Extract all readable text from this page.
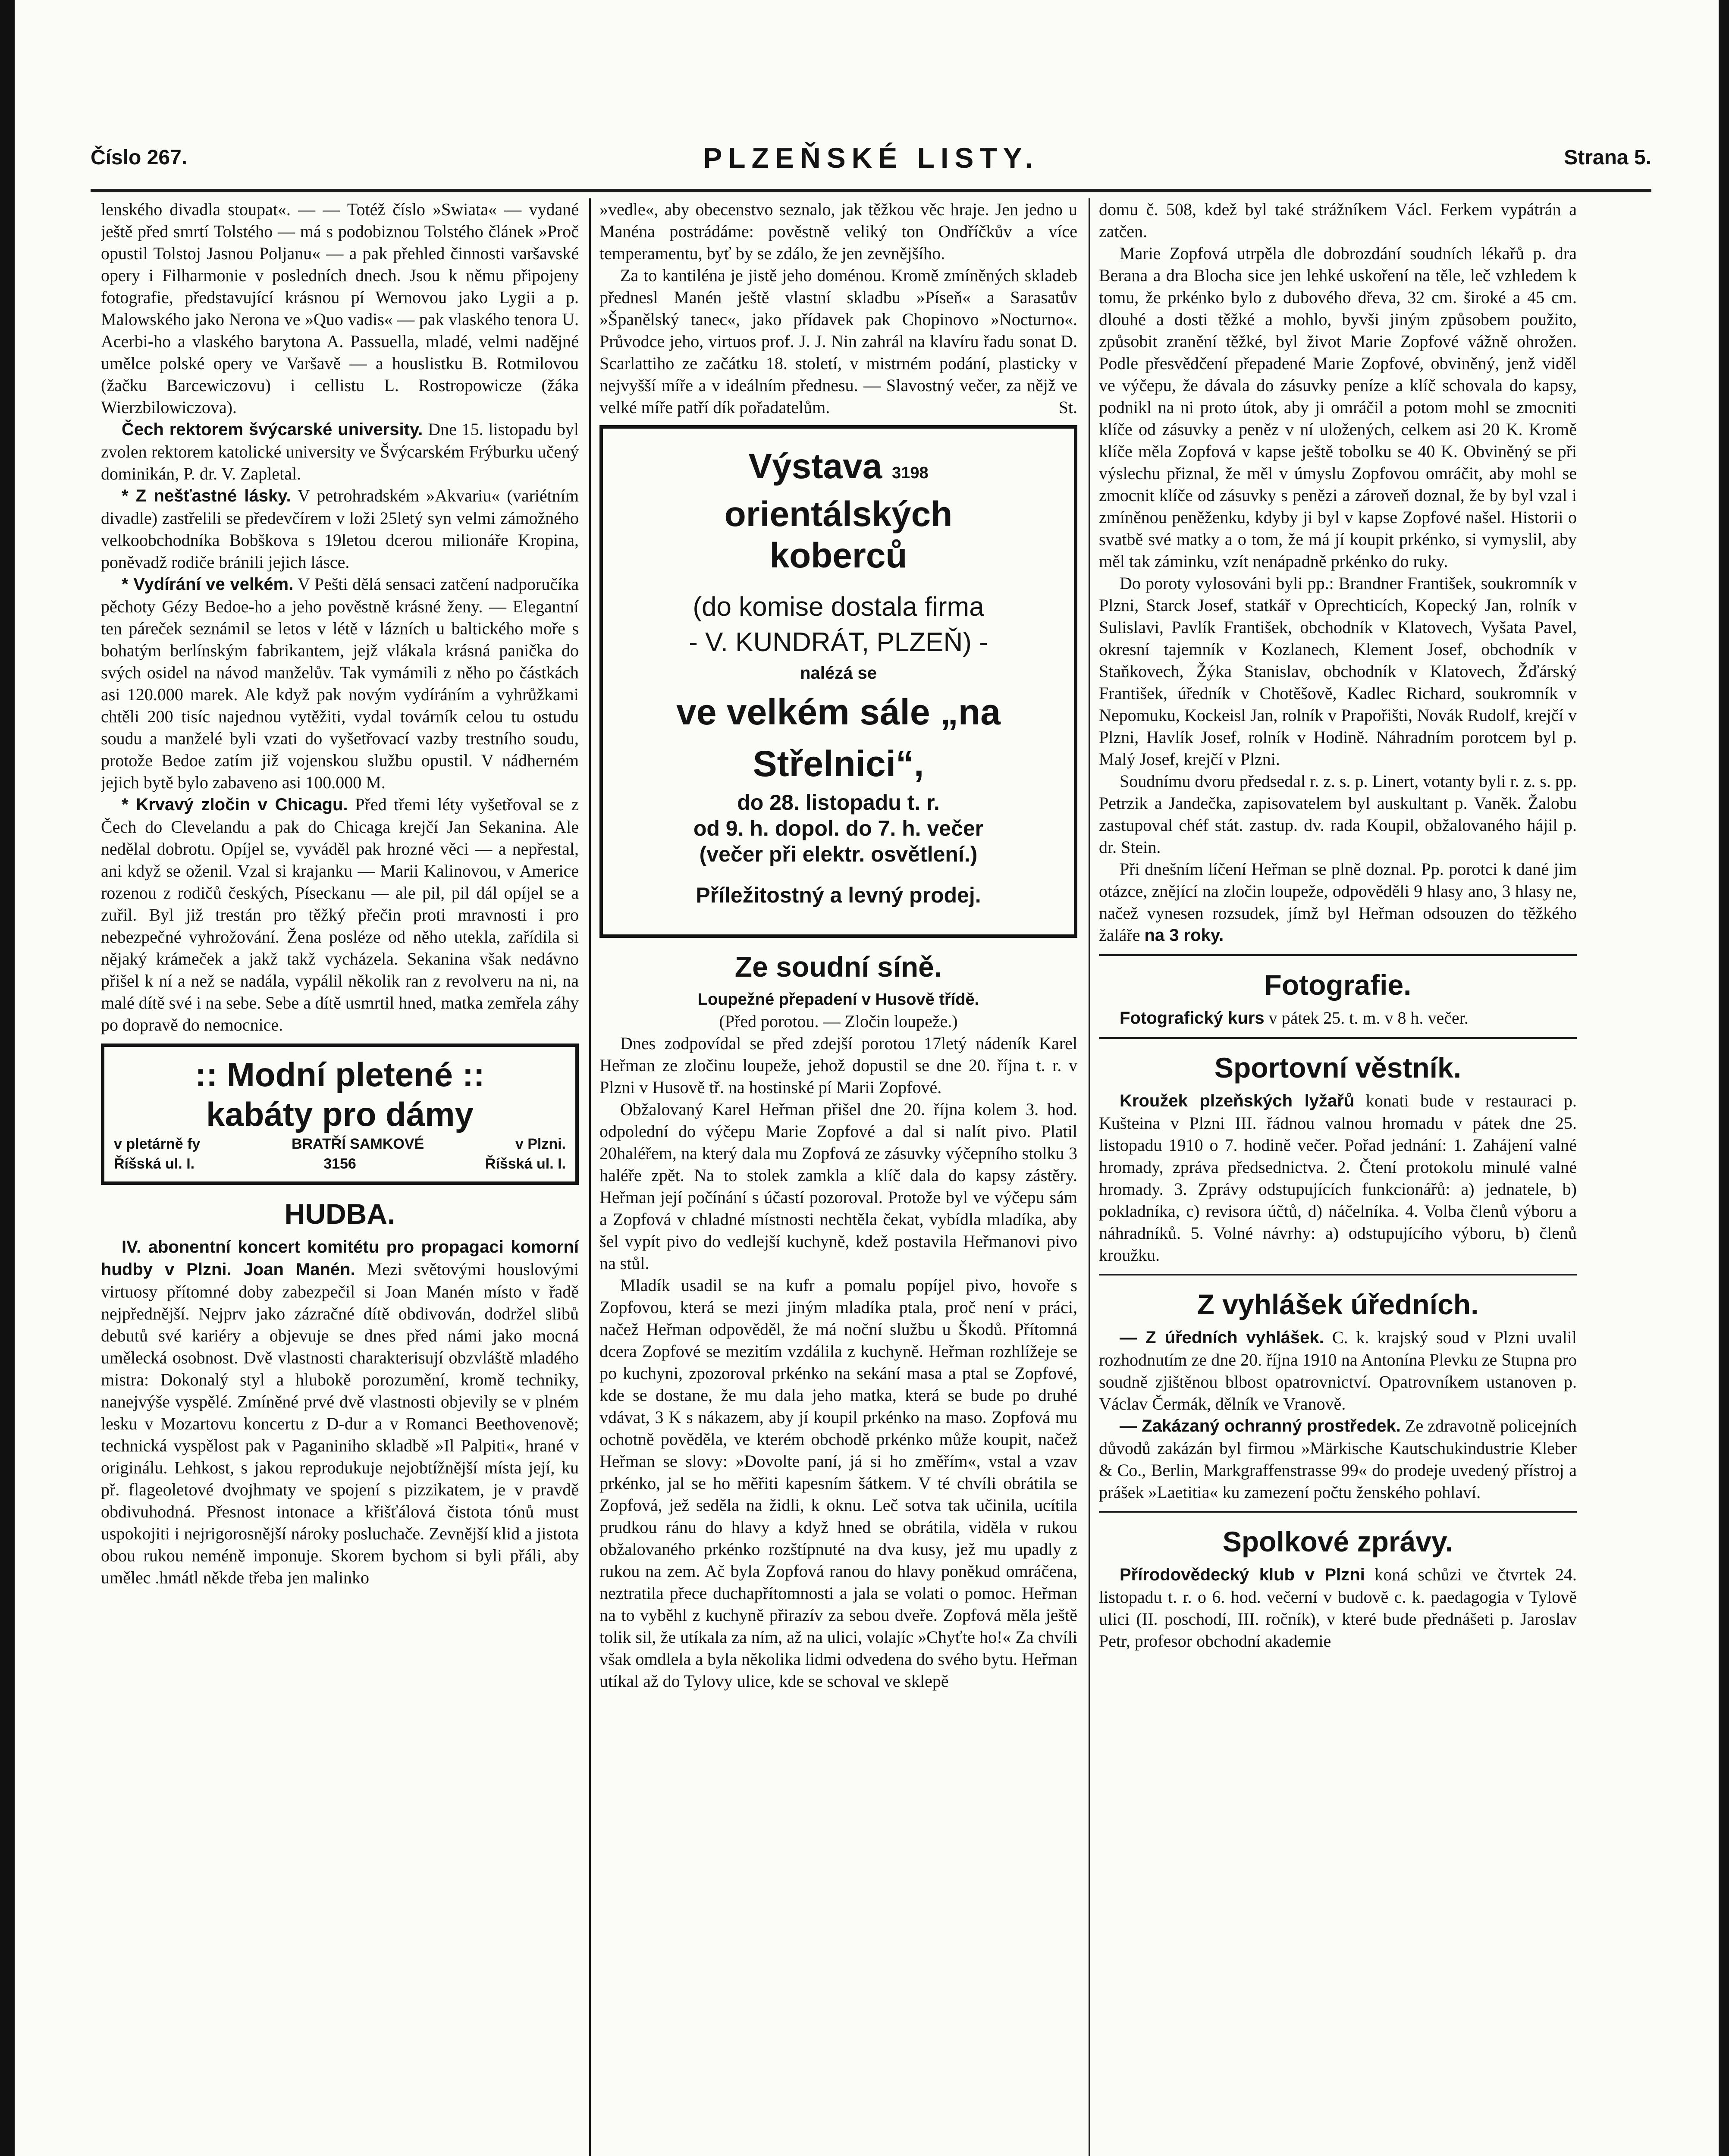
Číslo 267.	PLZEŇSKÉ LISTY.	Strana 5.

lenského divadla stoupat«. — — Totéž číslo »Swiata« — vydané ještě před smrtí Tolstého — má s podobiznou Tolstého článek »Proč opustil Tolstoj Jasnou Poljanu« — a pak přehled činnosti varšavské opery i Filharmonie v posledních dnech. Jsou k němu připojeny fotografie, představující krásnou pí Wernovou jako Lygii a p. Malowského jako Nerona ve »Quo vadis« — pak vlaského tenora U. Acerbi-ho a vlaského barytona A. Passuella, mladé, velmi nadějné umělce polské opery ve Varšavě — a houslistku B. Rotmilovou (žačku Barcewiczovu) i cellistu L. Rostropowicze (žáka Wierzbilowiczova).

Čech rektorem švýcarské university. Dne 15. listopadu byl zvolen rektorem katolické university ve Švýcarském Frýburku učený dominikán, P. dr. V. Zapletal.

* Z nešťastné lásky. V petrohradském »Akvariu« (variétním divadle) zastřelili se předevčírem v loži 25letý syn velmi zámožného velkoobchodníka Bobškova s 19letou dcerou milionáře Kropina, poněvadž rodiče bránili jejich lásce.

* Vydírání ve velkém. V Pešti dělá sensaci zatčení nadporučíka pěchoty Gézy Bedoe-ho a jeho pověstně krásné ženy. — Elegantní ten páreček seznámil se letos v létě v lázních u baltického moře s bohatým berlínským fabrikantem, jejž vlákala krásná panička do svých osidel na návod manželův. Tak vymámili z něho po částkách asi 120.000 marek. Ale když pak novým vydíráním a vyhrůžkami chtěli 200 tisíc najednou vytěžiti, vydal továrník celou tu ostudu soudu a manželé byli vzati do vyšetřovací vazby trestního soudu, protože Bedoe zatím již vojenskou službu opustil. V nádherném jejich bytě bylo zabaveno asi 100.000 M.

* Krvavý zločin v Chicagu. Před třemi léty vyšetřoval se z Čech do Clevelandu a pak do Chicaga krejčí Jan Sekanina. Ale nedělal dobrotu. Opíjel se, vyváděl pak hrozné věci — a nepřestal, ani když se oženil. Vzal si krajanku — Marii Kalinovou, v Americe rozenou z rodičů českých, Píseckanu — ale pil, pil dál opíjel se a zuřil. Byl již trestán pro těžký přečin proti mravnosti i pro nebezpečné vyhrožování. Žena posléze od něho utekla, zařídila si nějaký krámeček a jakž takž vycházela. Sekanina však nedávno přišel k ní a než se nadála, vypálil několik ran z revolveru na ni, na malé dítě své i na sebe. Sebe a dítě usmrtil hned, matka zemřela záhy po dopravě do nemocnice.

:: Modní pletené ::
kabáty pro dámy
v pletárně fy	BRATŘÍ SAMKOVÉ	v Plzni.
Říšská ul. I.	3156	Říšská ul. I.
HUDBA.

IV. abonentní koncert komitétu pro propagaci komorní hudby v Plzni. Joan Manén. Mezi světovými houslovými virtuosy přítomné doby zabezpečil si Joan Manén místo v řadě nejpřednější. Nejprv jako zázračné dítě obdivován, dodržel slibů debutů své kariéry a objevuje se dnes před námi jako mocná umělecká osobnost. Dvě vlastnosti charakterisují obzvláště mladého mistra: Dokonalý styl a hlubokě porozumění, kromě techniky, nanejvýše vyspělé. Zmíněné prvé dvě vlastnosti objevily se v plném lesku v Mozartovu koncertu z D-dur a v Romanci Beethovenově; technická vyspělost pak v Paganiniho skladbě »Il Palpiti«, hrané v originálu. Lehkost, s jakou reprodukuje nejobtížnější místa její, ku př. flageoletové dvojhmaty ve spojení s pizzikatem, je v pravdě obdivuhodná. Přesnost intonace a křišťálová čistota tónů must uspokojiti i nejrigorosnější nároky posluchače. Zevnější klid a jistota obou rukou neméně imponuje. Skorem bychom si byli přáli, aby umělec .hmátl někde třeba jen malinko

»vedle«, aby obecenstvo seznalo, jak těžkou věc hraje. Jen jedno u Manéna postrádáme: pověstně veliký ton Ondříčkův a více temperamentu, byť by se zdálo, že jen zevnějšího.

Za to kantiléna je jistě jeho doménou. Kromě zmíněných skladeb přednesl Manén ještě vlastní skladbu »Píseň« a Sarasatův »Španělský tanec«, jako přídavek pak Chopinovo »Nocturno«. Průvodce jeho, virtuos prof. J. J. Nin zahrál na klavíru řadu sonat D. Scarlattiho ze začátku 18. století, v mistrném podání, plasticky v nejvyšší míře a v ideálním přednesu. — Slavostný večer, za nějž ve velké míře patří dík pořadatelům.	St.

Výstava 3198
orientálských
koberců
(do komise dostala firma
- V. KUNDRÁT, PLZEŇ) -
nalézá se
ve velkém sále „na Střelnici“,
do 28. listopadu t. r.
od 9. h. dopol. do 7. h. večer
(večer při elektr. osvětlení.)
Příležitostný a levný prodej.
Ze soudní síně.
Loupežné přepadení v Husově třídě.

(Před porotou. — Zločin loupeže.)

Dnes zodpovídal se před zdejší porotou 17letý nádeník Karel Heřman ze zločinu loupeže, jehož dopustil se dne 20. října t. r. v Plzni v Husově tř. na hostinské pí Marii Zopfové.

Obžalovaný Karel Heřman přišel dne 20. října kolem 3. hod. odpolední do výčepu Marie Zopfové a dal si nalít pivo. Platil 20haléřem, na který dala mu Zopfová ze zásuvky výčepního stolku 3 haléře zpět. Na to stolek zamkla a klíč dala do kapsy zástěry. Heřman její počínání s účastí pozoroval. Protože byl ve výčepu sám a Zopfová v chladné místnosti nechtěla čekat, vybídla mladíka, aby šel vypít pivo do vedlejší kuchyně, kdež postavila Heřmanovi pivo na stůl.

Mladík usadil se na kufr a pomalu popíjel pivo, hovoře s Zopfovou, která se mezi jiným mladíka ptala, proč není v práci, načež Heřman odpověděl, že má noční službu u Škodů. Přítomná dcera Zopfové se mezitím vzdálila z kuchyně. Heřman rozhlížeje se po kuchyni, zpozoroval prkénko na sekání masa a ptal se Zopfové, kde se dostane, že mu dala jeho matka, která se bude po druhé vdávat, 3 K s nákazem, aby jí koupil prkénko na maso. Zopfová mu ochotně pověděla, ve kterém obchodě prkénko může koupit, načež Heřman se slovy: »Dovolte paní, já si ho změřím«, vstal a vzav prkénko, jal se ho měřiti kapesním šátkem. V té chvíli obrátila se Zopfová, jež seděla na židli, k oknu. Leč sotva tak učinila, ucítila prudkou ránu do hlavy a když hned se obrátila, viděla v rukou obžalovaného prkénko rozštípnuté na dva kusy, jež mu upadly z rukou na zem. Ač byla Zopfová ranou do hlavy poněkud omráčena, neztratila přece duchapřítomnosti a jala se volati o pomoc. Heřman na to vyběhl z kuchyně přirazív za sebou dveře. Zopfová měla ještě tolik sil, že utíkala za ním, až na ulici, volajíc »Chyťte ho!« Za chvíli však omdlela a byla několika lidmi odvedena do svého bytu. Heřman utíkal až do Tylovy ulice, kde se schoval ve sklepě

domu č. 508, kdež byl také strážníkem Václ. Ferkem vypátrán a zatčen.

Marie Zopfová utrpěla dle dobrozdání soudních lékařů p. dra Berana a dra Blocha sice jen lehké uskoření na těle, leč vzhledem k tomu, že prkénko bylo z dubového dřeva, 32 cm. široké a 45 cm. dlouhé a dosti těžké a mohlo, byvši jiným způsobem použito, způsobit zranění těžké, byl život Marie Zopfové vážně ohrožen. Podle přesvědčení přepadené Marie Zopfové, obviněný, jenž viděl ve výčepu, že dávala do zásuvky peníze a klíč schovala do kapsy, podnikl na ni proto útok, aby ji omráčil a potom mohl se zmocniti klíče od zásuvky a peněz v ní uložených, celkem asi 20 K. Kromě klíče měla Zopfová v kapse ještě tobolku se 40 K. Obviněný se při výslechu přiznal, že měl v úmyslu Zopfovou omráčit, aby mohl se zmocnit klíče od zásuvky s penězi a zároveň doznal, že by byl vzal i zmíněnou peněženku, kdyby ji byl v kapse Zopfové našel. Historii o svatbě své matky a o tom, že má jí koupit prkénko, si vymyslil, aby měl tak záminku, vzít nenápadně prkénko do ruky.

Do poroty vylosováni byli pp.: Brandner František, soukromník v Plzni, Starck Josef, statkář v Oprechticích, Kopecký Jan, rolník v Sulislavi, Pavlík František, obchodník v Klatovech, Vyšata Pavel, okresní tajemník v Kozlanech, Klement Josef, obchodník v Staňkovech, Žýka Stanislav, obchodník v Klatovech, Žďárský František, úředník v Chotěšově, Kadlec Richard, soukromník v Nepomuku, Kockeisl Jan, rolník v Prapořišti, Novák Rudolf, krejčí v Plzni, Havlík Josef, rolník v Hodině. Náhradním porotcem byl p. Malý Josef, krejčí v Plzni.

Soudnímu dvoru předsedal r. z. s. p. Linert, votanty byli r. z. s. pp. Petrzik a Jandečka, zapisovatelem byl auskultant p. Vaněk. Žalobu zastupoval chéf stát. zastup. dv. rada Koupil, obžalovaného hájil p. dr. Stein.

Při dnešním líčení Heřman se plně doznal. Pp. porotci k dané jim otázce, znějící na zločin loupeže, odpověděli 9 hlasy ano, 3 hlasy ne, načež vynesen rozsudek, jímž byl Heřman odsouzen do těžkého žaláře na 3 roky.

Fotografie.

Fotografický kurs v pátek 25. t. m. v 8 h. večer.

Sportovní věstník.

Kroužek plzeňských lyžařů konati bude v restauraci p. Kušteina v Plzni III. řádnou valnou hromadu v pátek dne 25. listopadu 1910 o 7. hodině večer. Pořad jednání: 1. Zahájení valné hromady, zpráva předsednictva. 2. Čtení protokolu minulé valné hromady. 3. Zprávy odstupujících funkcionářů: a) jednatele, b) pokladníka, c) revisora účtů, d) náčelníka. 4. Volba členů výboru a náhradníků. 5. Volné návrhy: a) odstupujícího výboru, b) členů kroužku.

Z vyhlášek úředních.

— Z úředních vyhlášek. C. k. krajský soud v Plzni uvalil rozhodnutím ze dne 20. října 1910 na Antonína Plevku ze Stupna pro soudně zjištěnou blbost opatrovnictví. Opatrovníkem ustanoven p. Václav Čermák, dělník ve Vranově.

— Zakázaný ochranný prostředek. Ze zdravotně policejních důvodů zakázán byl firmou »Märkische Kautschukindustrie Kleber & Co., Berlin, Markgraffenstrasse 99« do prodeje uvedený přístroj a prášek »Laetitia« ku zamezení počtu ženského pohlaví.

Spolkové zprávy.

Přírodovědecký klub v Plzni koná schůzi ve čtvrtek 24. listopadu t. r. o 6. hod. večerní v budově c. k. paedagogia v Tylově ulici (II. poschodí, III. ročník), v které bude přednášeti p. Jaroslav Petr, profesor obchodní akademie
